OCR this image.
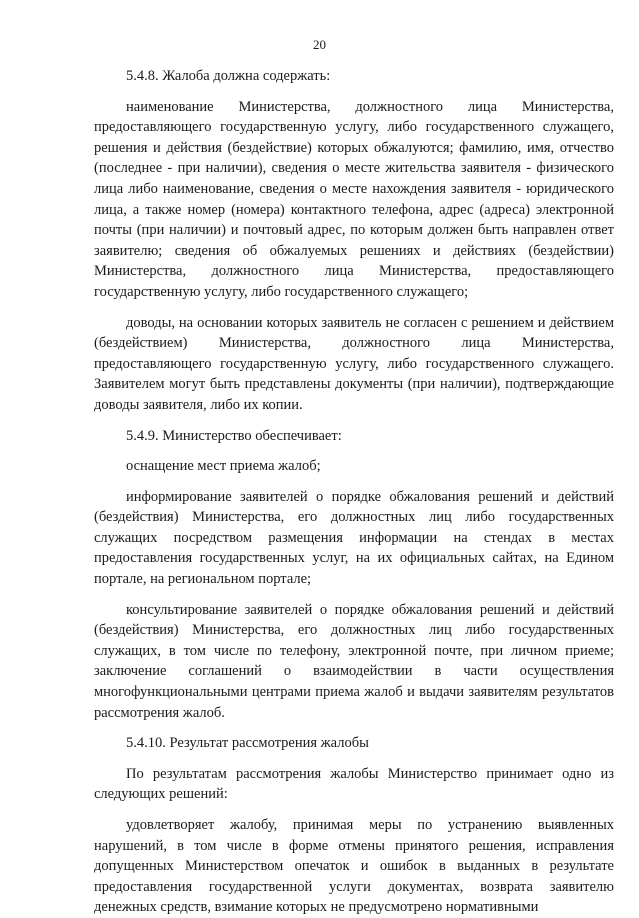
20

5.4.8. Жалоба должна содержать:

наименование Министерства, должностного лица Министерства, предоставляющего государственную услугу, либо государственного служащего, решения и действия (бездействие) которых обжалуются; фамилию, имя, отчество (последнее - при наличии), сведения о месте жительства заявителя - физического лица либо наименование, сведения о месте нахождения заявителя - юридического лица, а также номер (номера) контактного телефона, адрес (адреса) электронной почты (при наличии) и почтовый адрес, по которым должен быть направлен ответ заявителю; сведения об обжалуемых решениях и действиях (бездействии) Министерства, должностного лица Министерства, предоставляющего государственную услугу, либо государственного служащего;

доводы, на основании которых заявитель не согласен с решением и действием (бездействием) Министерства, должностного лица Министерства, предоставляющего государственную услугу, либо государственного служащего. Заявителем могут быть представлены документы (при наличии), подтверждающие доводы заявителя, либо их копии.

5.4.9. Министерство обеспечивает:

оснащение мест приема жалоб;

информирование заявителей о порядке обжалования решений и действий (бездействия) Министерства, его должностных лиц либо государственных служащих посредством размещения информации на стендах в местах предоставления государственных услуг, на их официальных сайтах, на Едином портале, на региональном портале;

консультирование заявителей о порядке обжалования решений и действий (бездействия) Министерства, его должностных лиц либо государственных служащих, в том числе по телефону, электронной почте, при личном приеме; заключение соглашений о взаимодействии в части осуществления многофункциональными центрами приема жалоб и выдачи заявителям результатов рассмотрения жалоб.

5.4.10. Результат рассмотрения жалобы

По результатам рассмотрения жалобы Министерство принимает одно из следующих решений:

удовлетворяет жалобу, принимая меры по устранению выявленных нарушений, в том числе в форме отмены принятого решения, исправления допущенных Министерством опечаток и ошибок в выданных в результате предоставления государственной услуги документах, возврата заявителю денежных средств, взимание которых не предусмотрено нормативными
